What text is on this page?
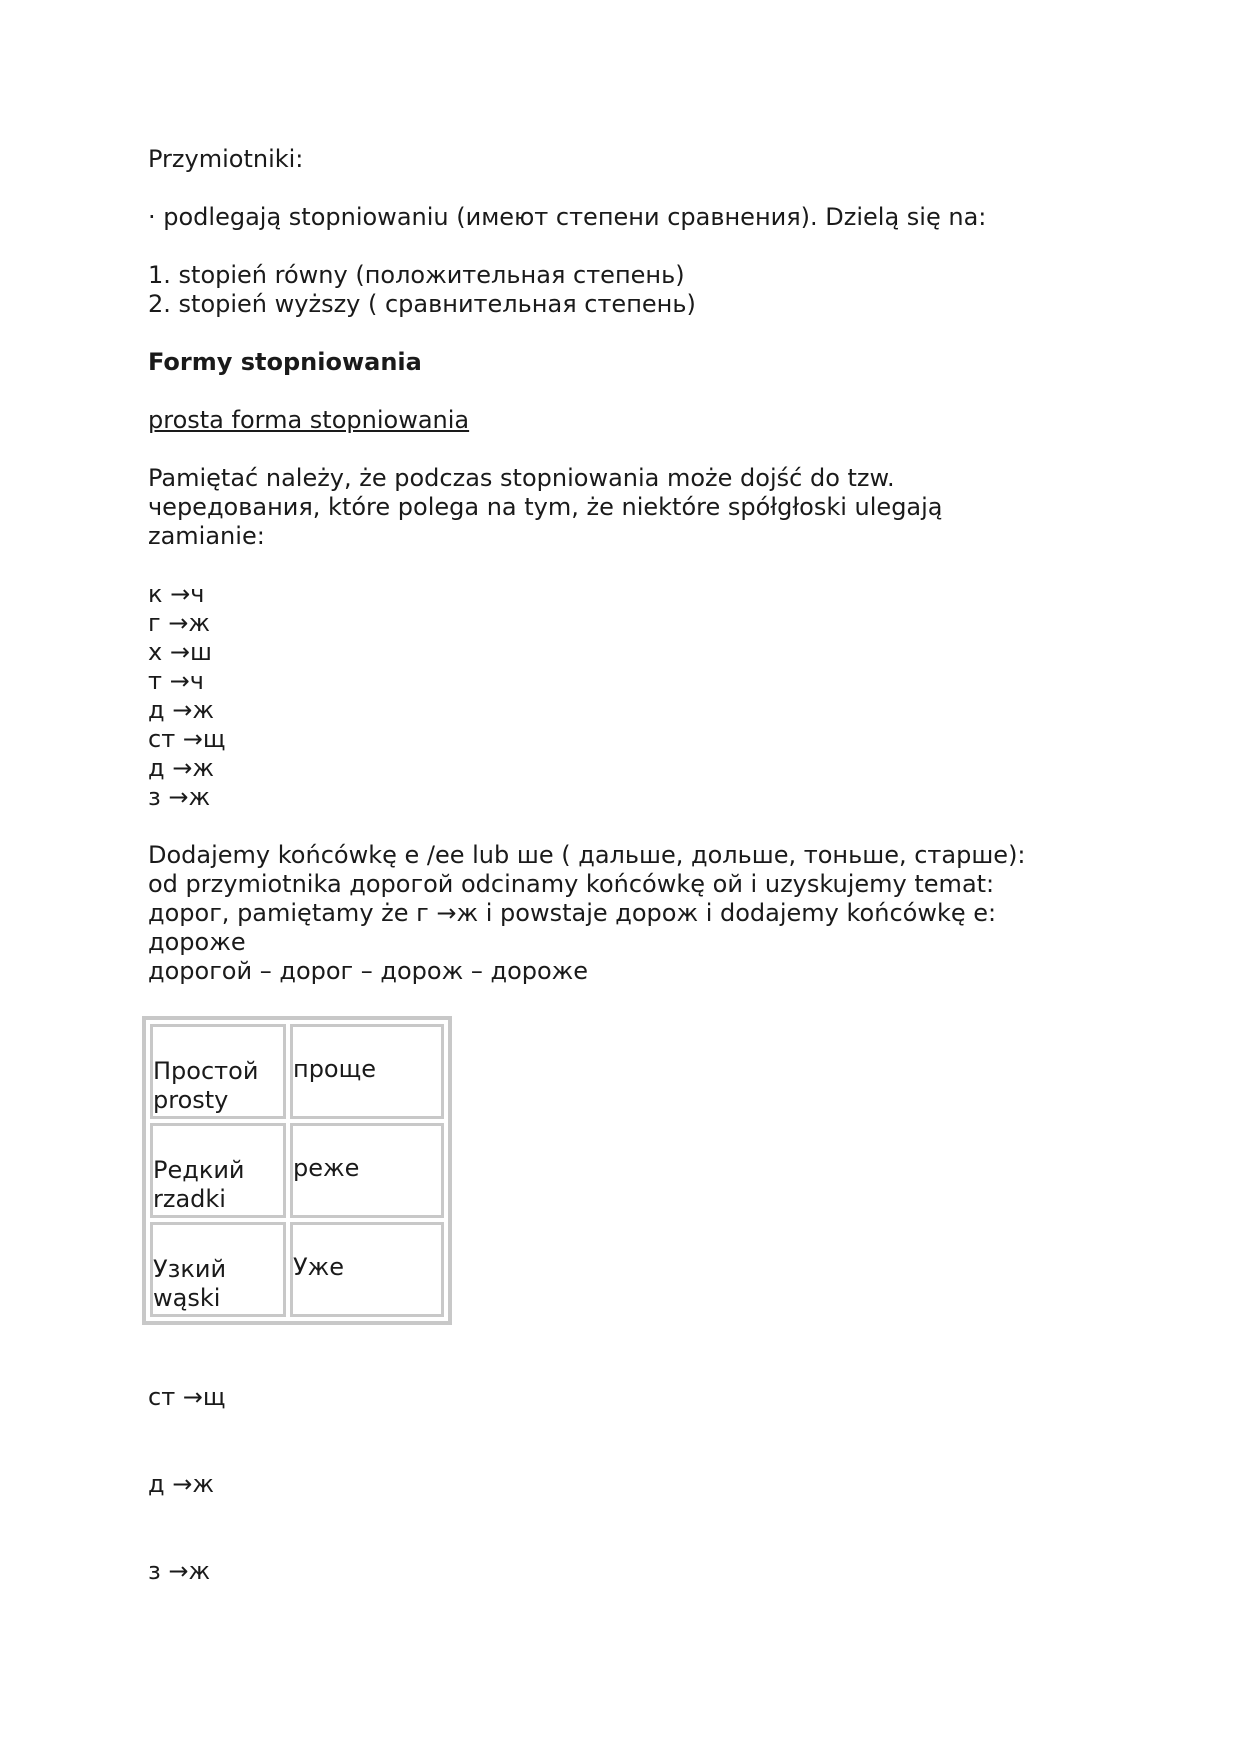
Przymiotniki:

· podlegają stopniowaniu (имеют степени сравнения). Dzielą się na:

1. stopień równy (положительная степень)

2. stopień wyższy ( сравнительная степень)

Formy stopniowania

prosta forma stopniowania

Pamiętać należy, że podczas stopniowania może dojść do tzw.

чередования, które polega na tym, że niektóre spółgłoski ulegają

zamianie:

к →ч

г →ж

х →ш

т →ч

д →ж

ст →щ

д →ж

з →ж

Dodajemy końcówkę е /ее lub ше ( дальше, дольше, тоньше, старше):

od przymiotnika дорогой odcinamy końcówkę ой i uzyskujemy temat:

дорог, pamiętamy że г →ж i powstaje дорож i dodajemy końcówkę е:

дороже

дорогой – дорог – дорож – дороже

Простой
prosty	проще

Редкий
rzadki	реже

Узкий
wąski	Уже

ст →щ

д →ж

з →ж
